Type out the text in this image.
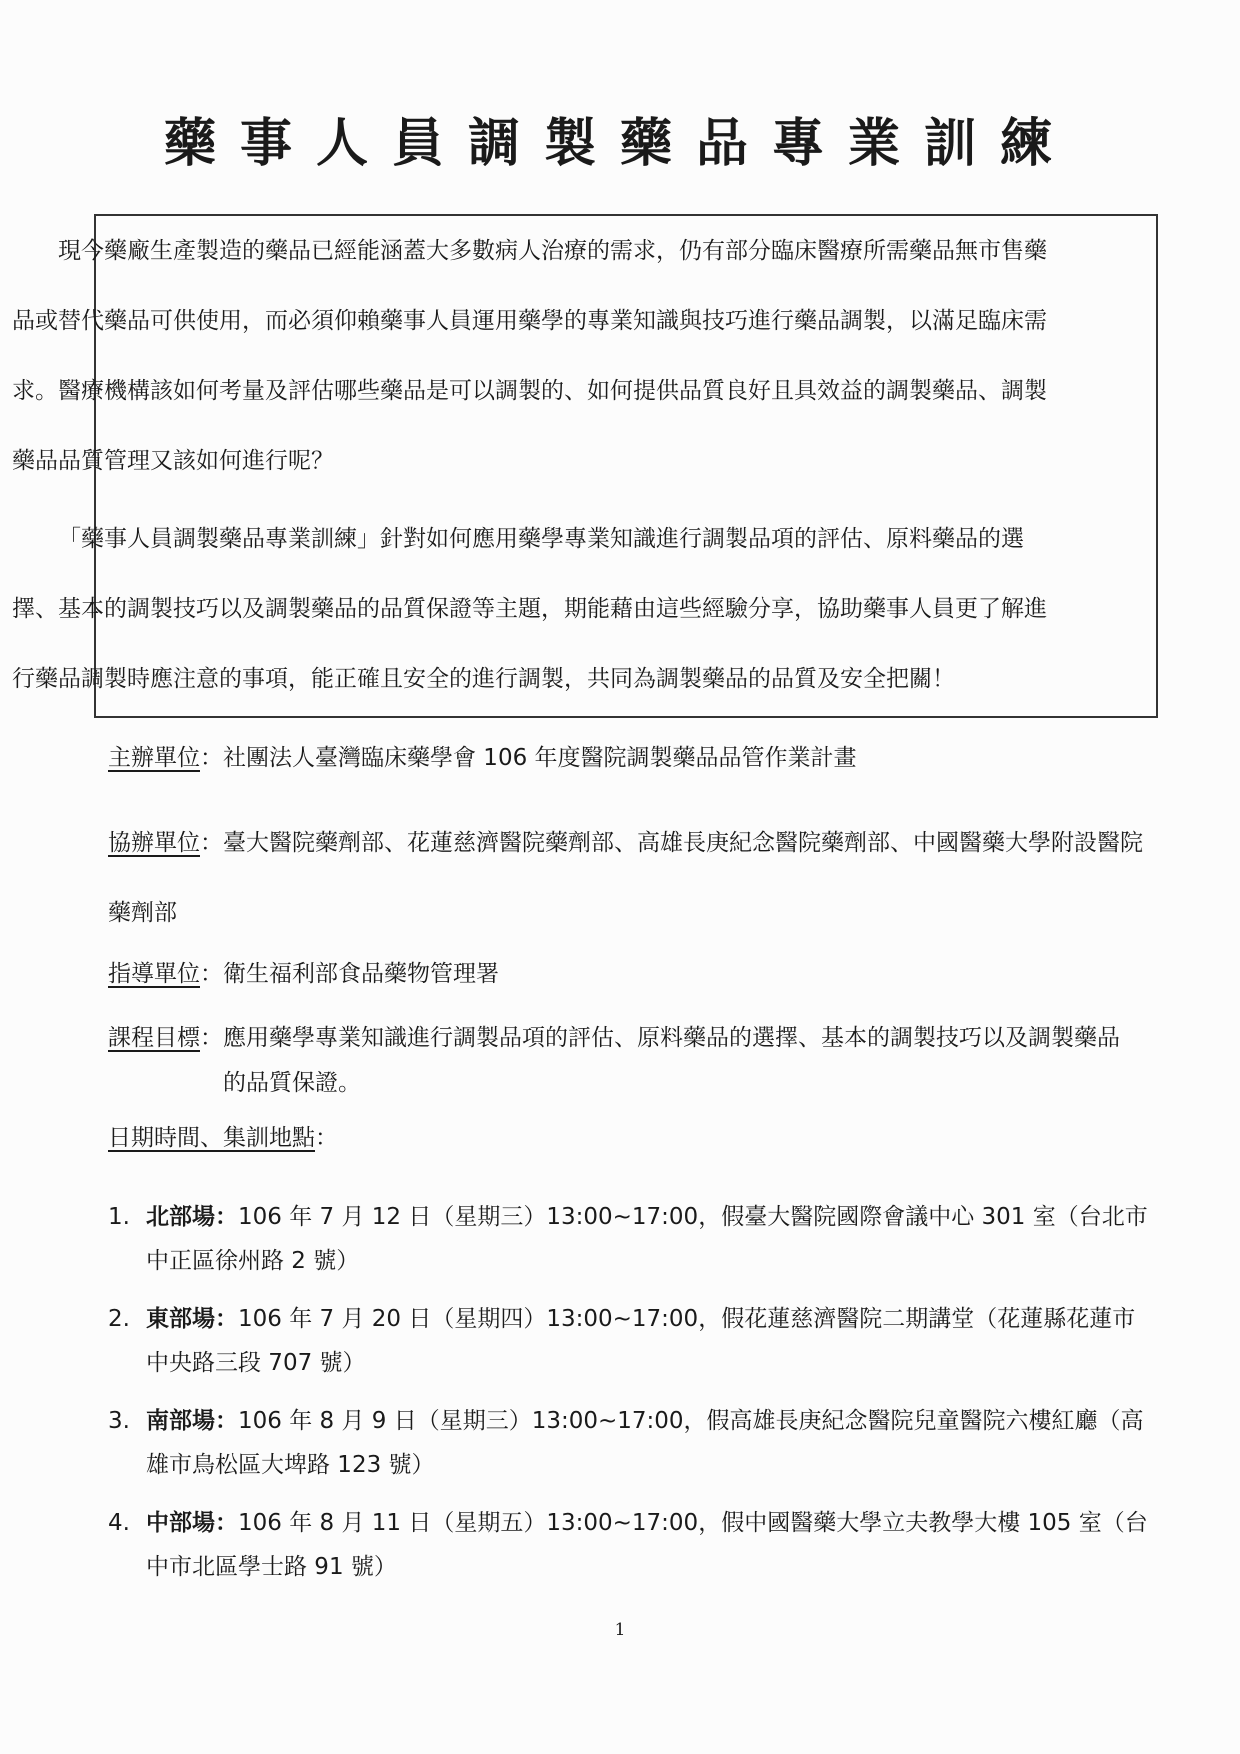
藥事人員調製藥品專業訓練

現今藥廠生產製造的藥品已經能涵蓋大多數病人治療的需求，仍有部分臨床醫療所需藥品無市售藥品或替代藥品可供使用，而必須仰賴藥事人員運用藥學的專業知識與技巧進行藥品調製，以滿足臨床需求。醫療機構該如何考量及評估哪些藥品是可以調製的、如何提供品質良好且具效益的調製藥品、調製藥品品質管理又該如何進行呢？

「藥事人員調製藥品專業訓練」針對如何應用藥學專業知識進行調製品項的評估、原料藥品的選擇、基本的調製技巧以及調製藥品的品質保證等主題，期能藉由這些經驗分享，協助藥事人員更了解進行藥品調製時應注意的事項，能正確且安全的進行調製，共同為調製藥品的品質及安全把關！

主辦單位：社團法人臺灣臨床藥學會 106 年度醫院調製藥品品管作業計畫
協辦單位：臺大醫院藥劑部、花蓮慈濟醫院藥劑部、高雄長庚紀念醫院藥劑部、中國醫藥大學附設醫院藥劑部
指導單位：衛生福利部食品藥物管理署
課程目標：應用藥學專業知識進行調製品項的評估、原料藥品的選擇、基本的調製技巧以及調製藥品
的品質保證。
日期時間、集訓地點：
1. 北部場：106 年 7 月 12 日（星期三）13:00~17:00，假臺大醫院國際會議中心 301 室（台北市中正區徐州路 2 號）
2. 東部場：106 年 7 月 20 日（星期四）13:00~17:00，假花蓮慈濟醫院二期講堂（花蓮縣花蓮市中央路三段 707 號）
3. 南部場：106 年 8 月 9 日（星期三）13:00~17:00，假高雄長庚紀念醫院兒童醫院六樓紅廳（高雄市鳥松區大埤路 123 號）
4. 中部場：106 年 8 月 11 日（星期五）13:00~17:00，假中國醫藥大學立夫教學大樓 105 室（台中市北區學士路 91 號）
1
